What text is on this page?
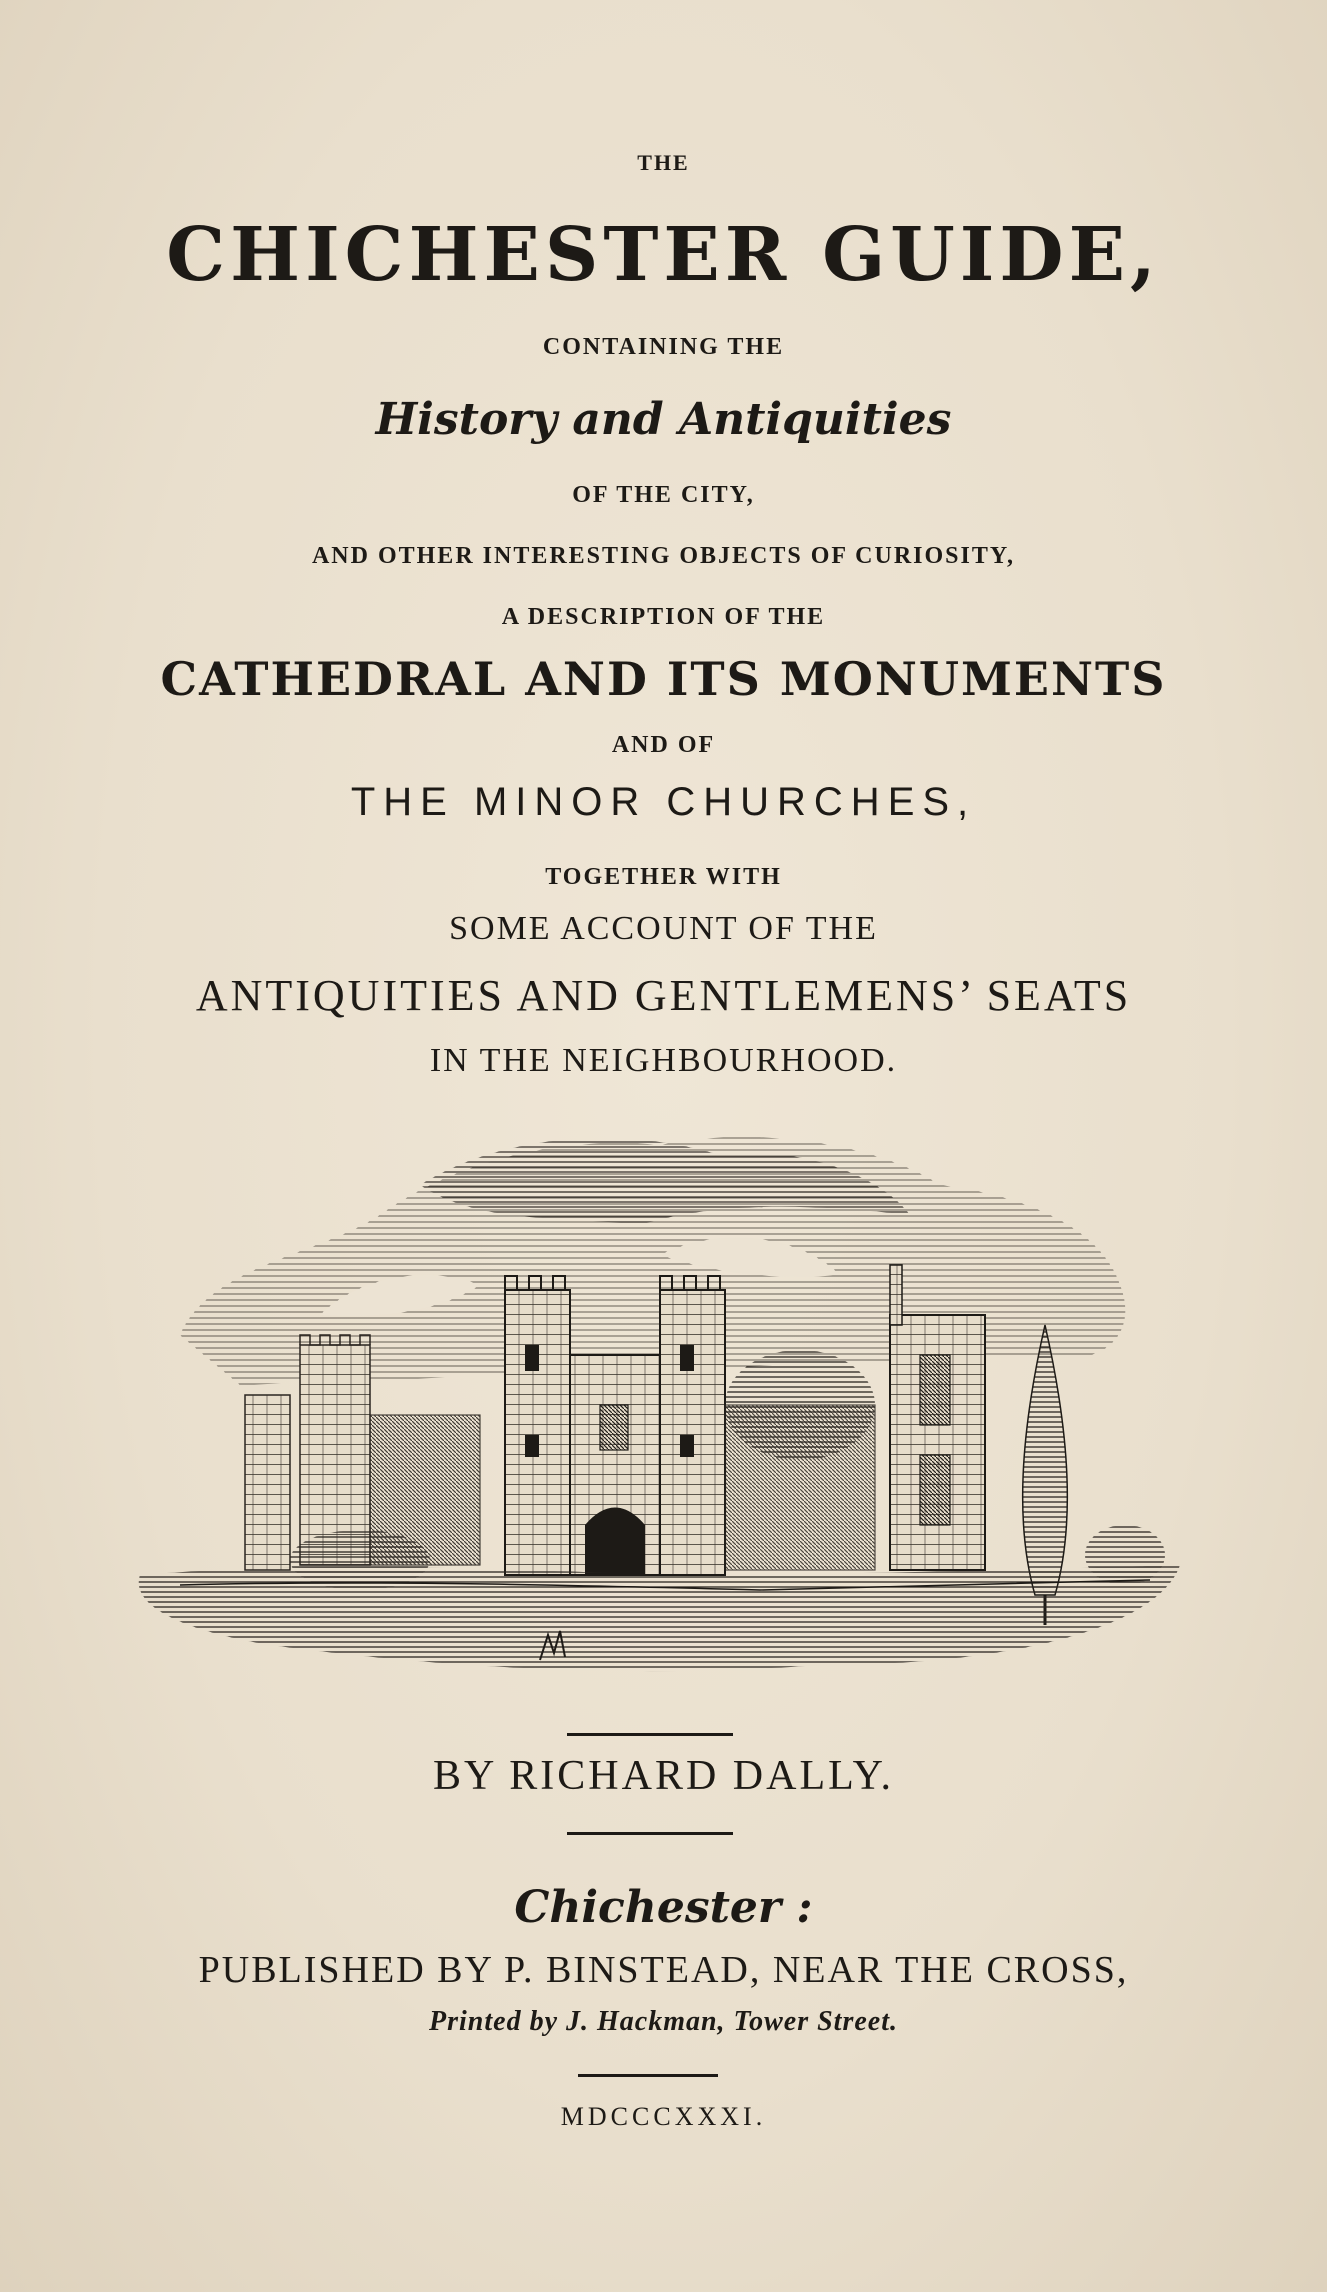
THE

CHICHESTER GUIDE,

CONTAINING THE

History and Antiquities

OF THE CITY,

AND OTHER INTERESTING OBJECTS OF CURIOSITY,

A DESCRIPTION OF THE

CATHEDRAL AND ITS MONUMENTS

AND OF

THE MINOR CHURCHES,

TOGETHER WITH

SOME ACCOUNT OF THE

ANTIQUITIES AND GENTLEMENS’ SEATS

IN THE NEIGHBOURHOOD.

BY RICHARD DALLY.

Chichester :

PUBLISHED BY P. BINSTEAD, NEAR THE CROSS,

Printed by J. Hackman, Tower Street.

MDCCCXXXI.
